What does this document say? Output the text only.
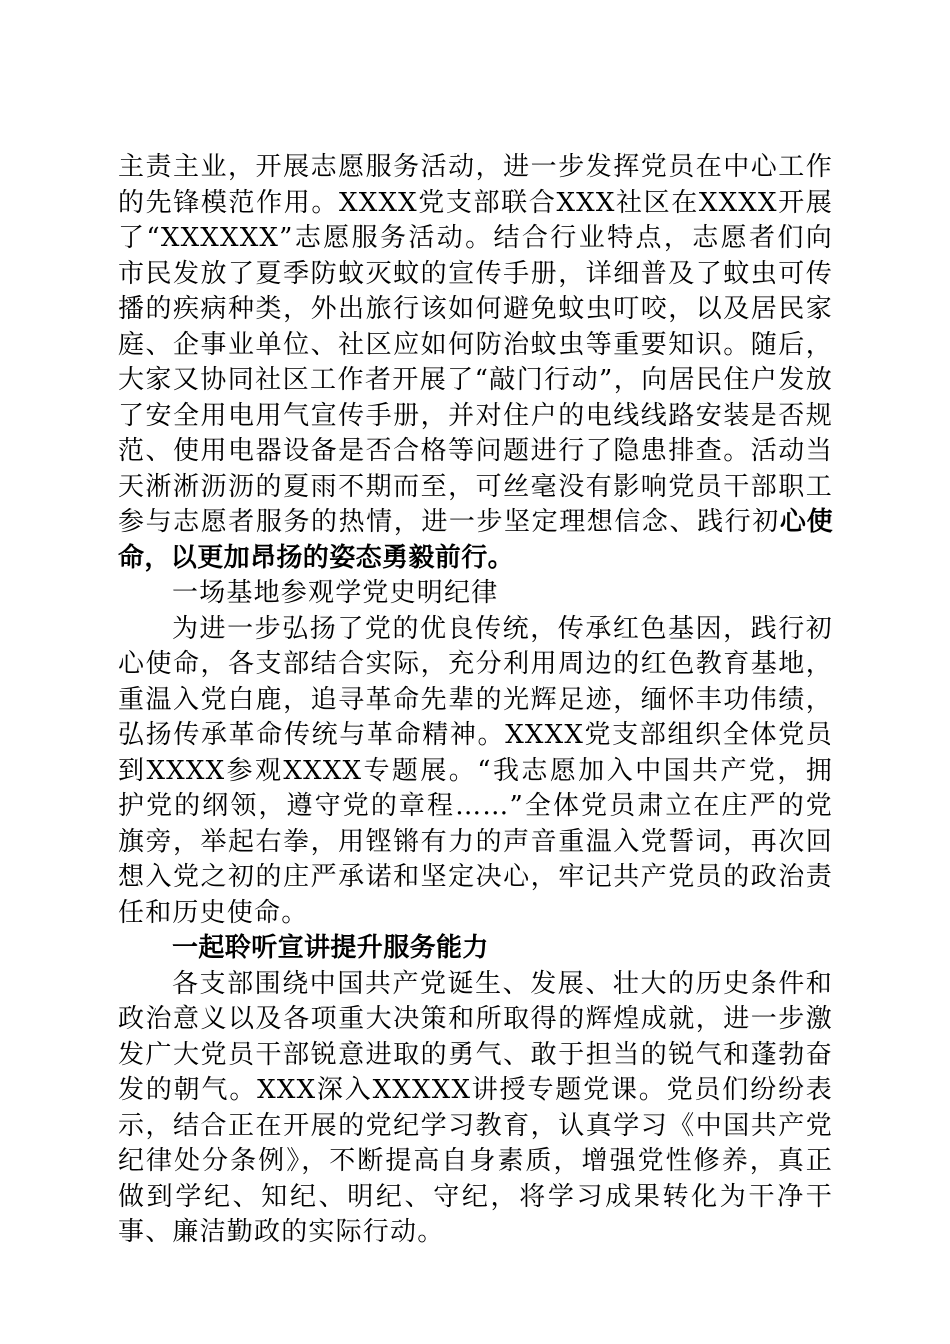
主责主业，开展志愿服务活动，进一步发挥党员在中心工作的先锋模范作用。XXXX党支部联合XXX社区在XXXX开展了“XXXXXX”志愿服务活动。结合行业特点，志愿者们向市民发放了夏季防蚊灭蚊的宣传手册，详细普及了蚊虫可传播的疾病种类，外出旅行该如何避免蚊虫叮咬，以及居民家庭、企事业单位、社区应如何防治蚊虫等重要知识。随后，大家又协同社区工作者开展了“敲门行动”，向居民住户发放了安全用电用气宣传手册，并对住户的电线线路安装是否规范、使用电器设备是否合格等问题进行了隐患排查。活动当天淅淅沥沥的夏雨不期而至，可丝毫没有影响党员干部职工参与志愿者服务的热情，进一步坚定理想信念、践行初心使命，以更加昂扬的姿态勇毅前行。

一场基地参观学党史明纪律

为进一步弘扬了党的优良传统，传承红色基因，践行初心使命，各支部结合实际，充分利用周边的红色教育基地，重温入党白鹿，追寻革命先辈的光辉足迹，缅怀丰功伟绩，弘扬传承革命传统与革命精神。XXXX党支部组织全体党员到XXXX参观XXXX专题展。“我志愿加入中国共产党，拥护党的纲领，遵守党的章程……”全体党员肃立在庄严的党旗旁，举起右拳，用铿锵有力的声音重温入党誓词，再次回想入党之初的庄严承诺和坚定决心，牢记共产党员的政治责任和历史使命。

一起聆听宣讲提升服务能力

各支部围绕中国共产党诞生、发展、壮大的历史条件和政治意义以及各项重大决策和所取得的辉煌成就，进一步激发广大党员干部锐意进取的勇气、敢于担当的锐气和蓬勃奋发的朝气。XXX深入XXXXX讲授专题党课。党员们纷纷表示，结合正在开展的党纪学习教育，认真学习《中国共产党纪律处分条例》，不断提高自身素质，增强党性修养，真正做到学纪、知纪、明纪、守纪，将学习成果转化为干净干事、廉洁勤政的实际行动。
